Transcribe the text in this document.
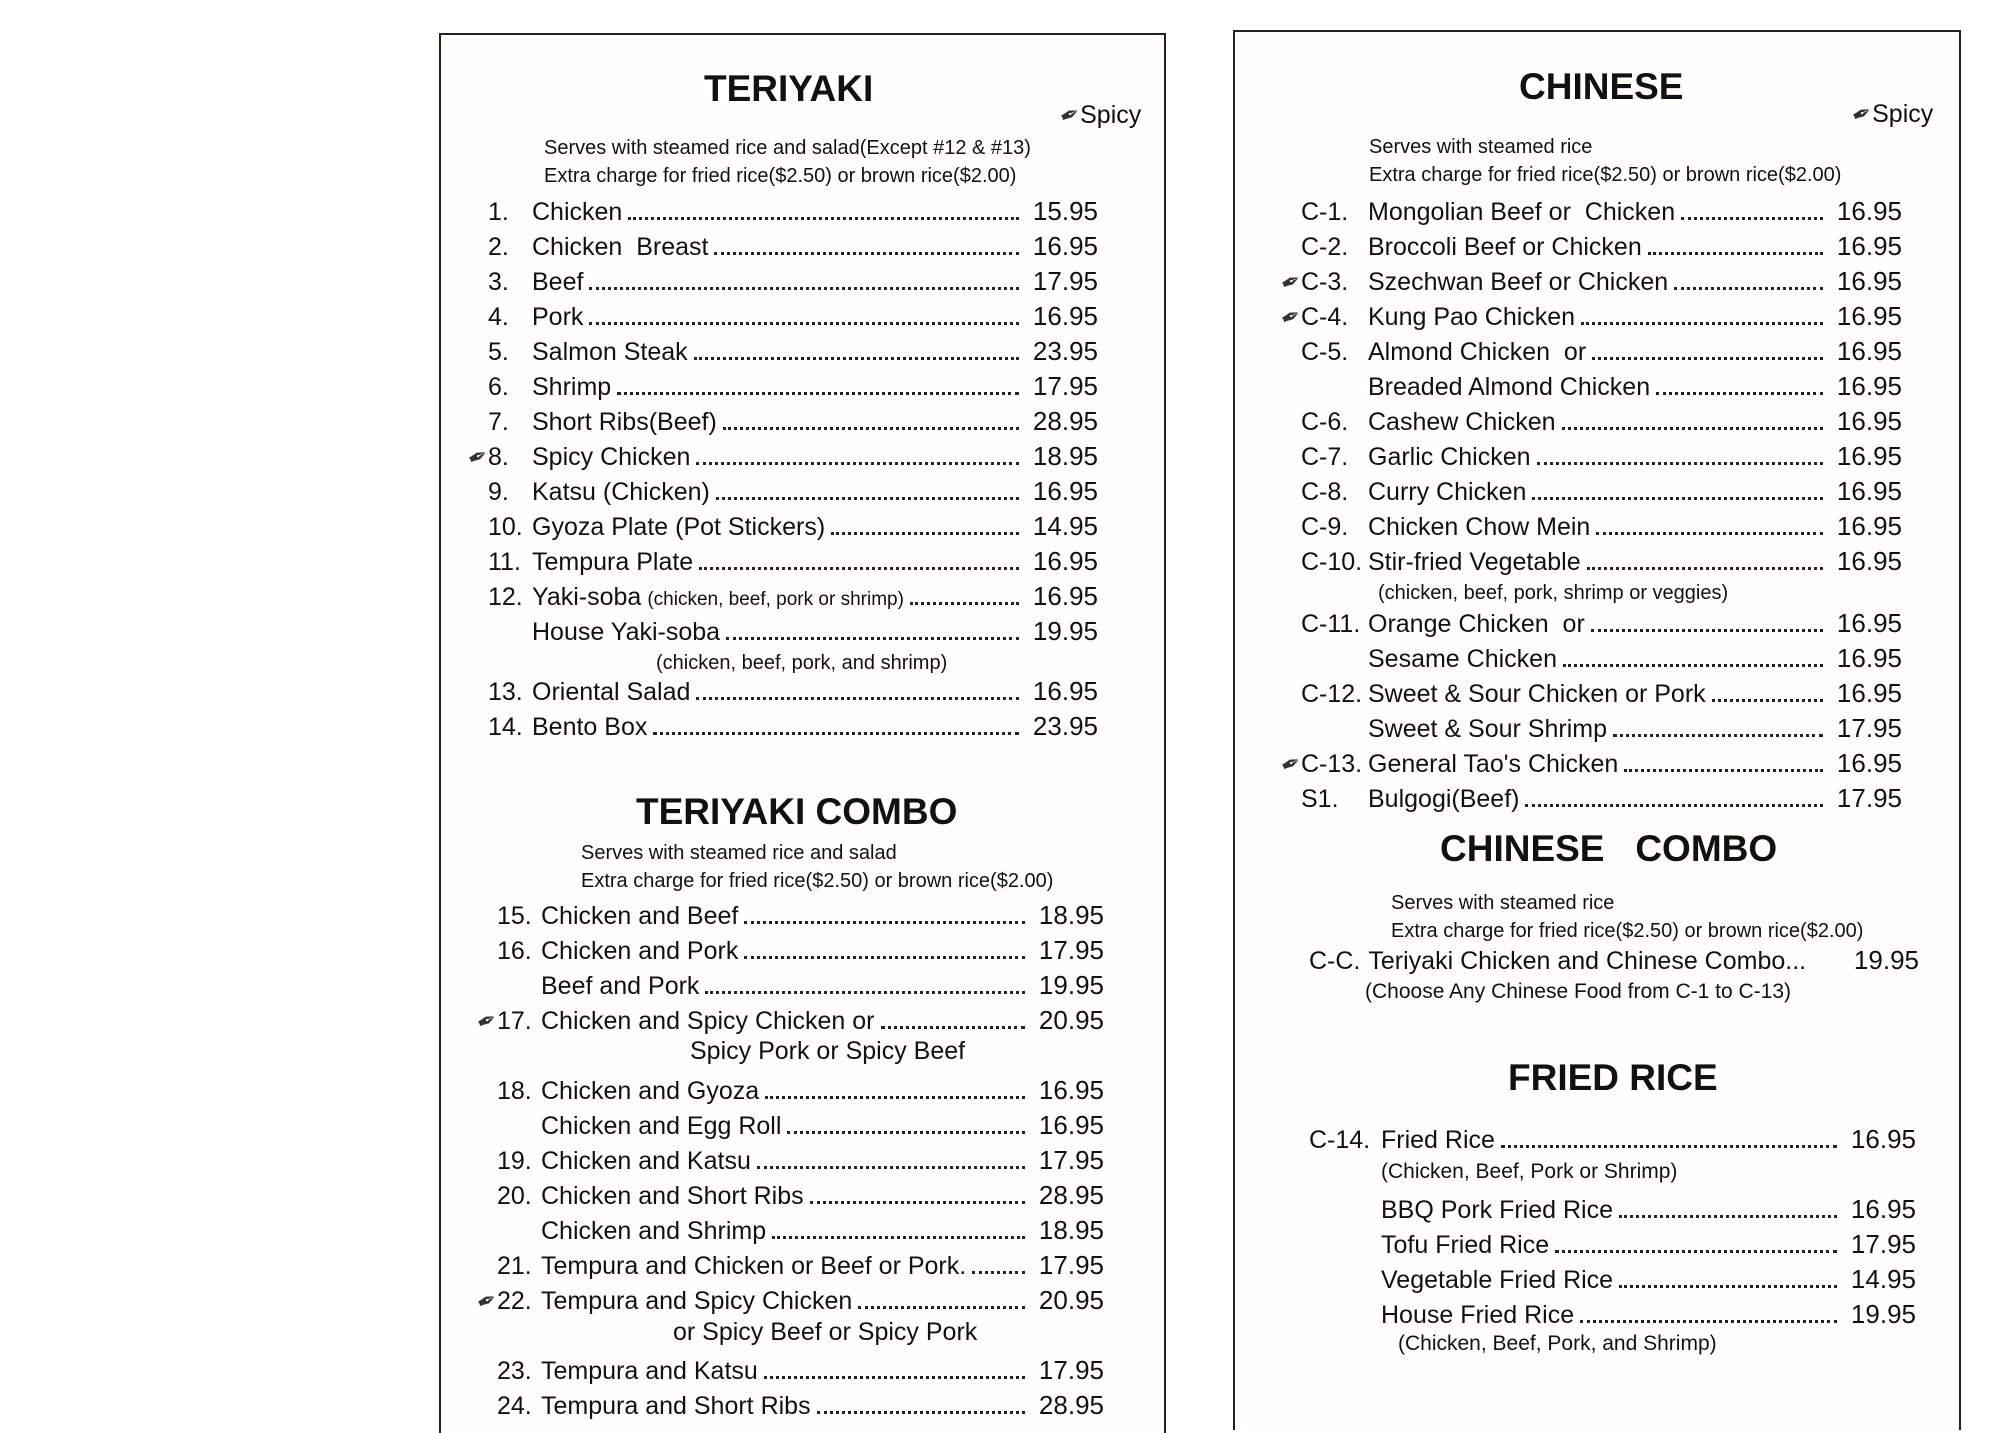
TERIYAKI
✒Spicy
Serves with steamed rice and salad(Except #12 & #13)
Extra charge for fried rice($2.50) or brown rice($2.00)
1. Chicken	15.95
2. Chicken  Breast	16.95
3. Beef	17.95
4. Pork	16.95
5. Salmon Steak	23.95
6. Shrimp	17.95
7. Short Ribs(Beef)	28.95
✒
8. Spicy Chicken	18.95
9. Katsu (Chicken)	16.95
10. Gyoza Plate (Pot Stickers)	14.95
11. Tempura Plate	16.95
12. Yaki-soba (chicken, beef, pork or shrimp)	16.95
House Yaki-soba	19.95
13. Oriental Salad	16.95
14. Bento Box	23.95
(chicken, beef, pork, and shrimp)
TERIYAKI COMBO
Serves with steamed rice and salad
Extra charge for fried rice($2.50) or brown rice($2.00)
15. Chicken and Beef	18.95
16. Chicken and Pork	17.95
Beef and Pork	19.95
✒
17. Chicken and Spicy Chicken or	20.95
18. Chicken and Gyoza	16.95
Chicken and Egg Roll	16.95
19. Chicken and Katsu	17.95
20. Chicken and Short Ribs	28.95
Chicken and Shrimp	18.95
21. Tempura and Chicken or Beef or Pork.	17.95
✒
22. Tempura and Spicy Chicken	20.95
23. Tempura and Katsu	17.95
24. Tempura and Short Ribs	28.95
Spicy Pork or Spicy Beef
or Spicy Beef or Spicy Pork
CHINESE
✒Spicy
Serves with steamed rice
Extra charge for fried rice($2.50) or brown rice($2.00)
C-1. Mongolian Beef or  Chicken	16.95
C-2. Broccoli Beef or Chicken	16.95
✒
C-3. Szechwan Beef or Chicken	16.95
✒
C-4. Kung Pao Chicken	16.95
C-5. Almond Chicken  or	16.95
Breaded Almond Chicken	16.95
C-6. Cashew Chicken	16.95
C-7. Garlic Chicken	16.95
C-8. Curry Chicken	16.95
C-9. Chicken Chow Mein	16.95
C-10. Stir-fried Vegetable	16.95
C-11. Orange Chicken  or	16.95
Sesame Chicken	16.95
C-12. Sweet & Sour Chicken or Pork	16.95
Sweet & Sour Shrimp	17.95
✒
C-13. General Tao's Chicken	16.95
S1.	Bulgogi(Beef)	17.95
(chicken, beef, pork, shrimp or veggies)
CHINESE   COMBO
Serves with steamed rice
Extra charge for fried rice($2.50) or brown rice($2.00)
C-C. Teriyaki Chicken and Chinese Combo...	19.95
(Choose Any Chinese Food from C-1 to C-13)
FRIED RICE
C-14. Fried Rice	16.95
BBQ Pork Fried Rice	16.95
Tofu Fried Rice	17.95
Vegetable Fried Rice	14.95
House Fried Rice	19.95
(Chicken, Beef, Pork or Shrimp)
(Chicken, Beef, Pork, and Shrimp)
